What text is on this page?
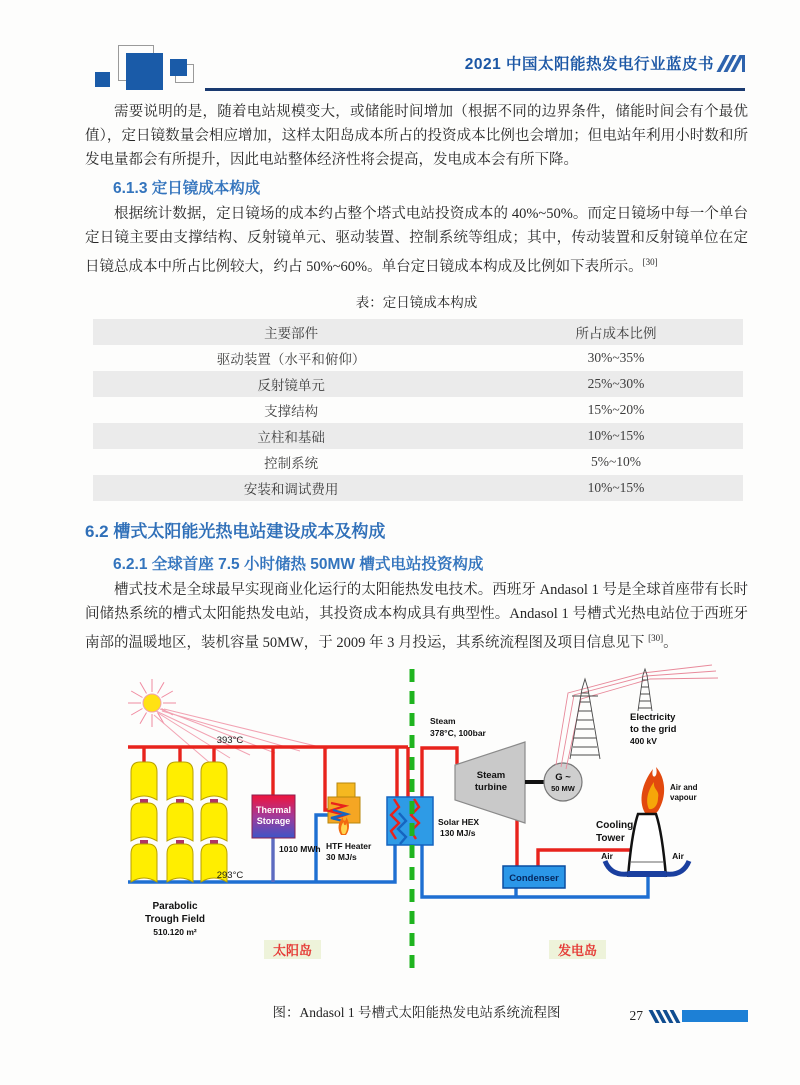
2021 中国太阳能热发电行业蓝皮书

需要说明的是，随着电站规模变大，或储能时间增加（根据不同的边界条件，储能时间会有个最优值），定日镜数量会相应增加，这样太阳岛成本所占的投资成本比例也会增加；但电站年利用小时数和所发电量都会有所提升，因此电站整体经济性将会提高，发电成本会有所下降。

6.1.3 定日镜成本构成

根据统计数据，定日镜场的成本约占整个塔式电站投资成本的 40%~50%。而定日镜场中每一个单台定日镜主要由支撑结构、反射镜单元、驱动装置、控制系统等组成；其中，传动装置和反射镜单位在定日镜总成本中所占比例较大，约占 50%~60%。单台定日镜成本构成及比例如下表所示。[30]

表：定日镜成本构成
主要部件	所占成本比例
驱动装置（水平和俯仰）	30%~35%
反射镜单元	25%~30%
支撑结构	15%~20%
立柱和基础	10%~15%
控制系统	5%~10%
安装和调试费用	10%~15%
6.2 槽式太阳能光热电站建设成本及构成
6.2.1 全球首座 7.5 小时储热 50MW 槽式电站投资构成

槽式技术是全球最早实现商业化运行的太阳能热发电技术。西班牙 Andasol 1 号是全球首座带有长时间储热系统的槽式太阳能热发电站，其投资成本构成具有典型性。Andasol 1 号槽式光热电站位于西班牙南部的温暖地区，装机容量 50MW，于 2009 年 3 月投运，其系统流程图及项目信息见下 [30]。

393°C
293°C
Parabolic
Trough Field
510.120 m²
Thermal
Storage
1010 MWh HTF Heater
30 MJ/s
Solar HEX
130 MJ/s
Steam
378°C, 100bar
Steam
turbine
G ~
50 MW
Electricity
to the grid
400 kV
Air and
vapour
Cooling
Tower
Air	Air
Condenser
太阳岛	发电岛
图：Andasol 1 号槽式太阳能热发电站系统流程图	27
